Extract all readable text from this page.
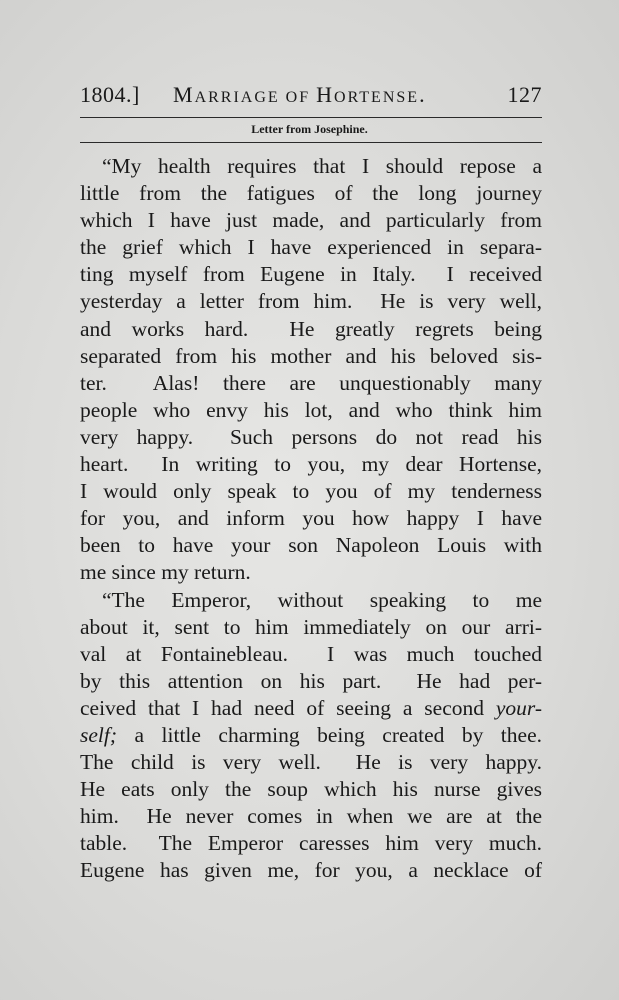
1804.] MARRIAGE OF HORTENSE.	127
Letter from Josephine.
“My health requires that I should repose a
little from the fatigues of the long journey
which I have just made, and particularly from
the grief which I have experienced in separa-
ting myself from Eugene in Italy.  I received
yesterday a letter from him.  He is very well,
and works hard.  He greatly regrets being
separated from his mother and his beloved sis-
ter.  Alas! there are unquestionably many
people who envy his lot, and who think him
very happy.  Such persons do not read his
heart.  In writing to you, my dear Hortense,
I would only speak to you of my tenderness
for you, and inform you how happy I have
been to have your son Napoleon Louis with
me since my return.
“The Emperor, without speaking to me
about it, sent to him immediately on our arri-
val at Fontainebleau.  I was much touched
by this attention on his part.  He had per-
ceived that I had need of seeing a second your-
self; a little charming being created by thee.
The child is very well.  He is very happy.
He eats only the soup which his nurse gives
him.  He never comes in when we are at the
table.  The Emperor caresses him very much.
Eugene has given me, for you, a necklace of
